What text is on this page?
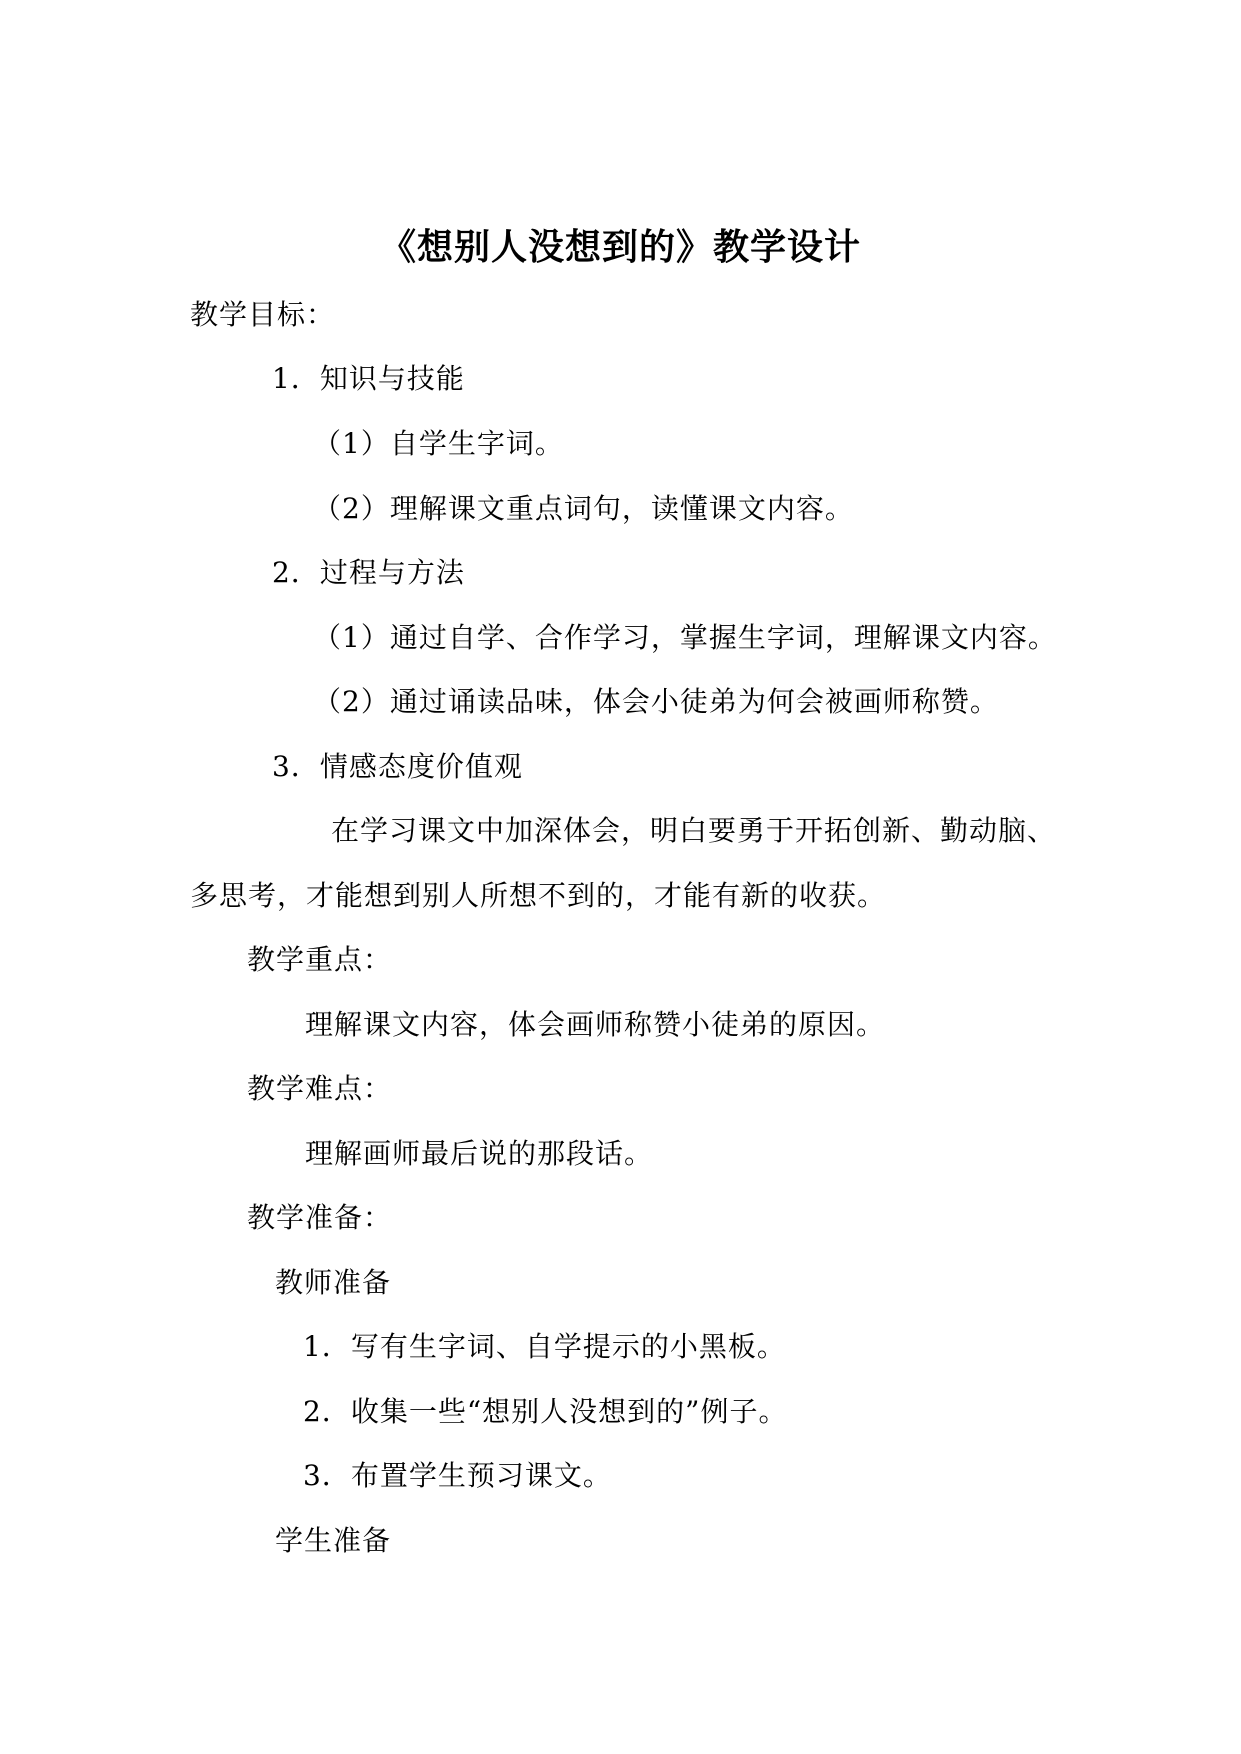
《想别人没想到的》教学设计
教学目标：
1．知识与技能
（1）自学生字词。
（2）理解课文重点词句，读懂课文内容。
2．过程与方法
（1）通过自学、合作学习，掌握生字词，理解课文内容。
（2）通过诵读品味，体会小徒弟为何会被画师称赞。
3．情感态度价值观
在学习课文中加深体会，明白要勇于开拓创新、勤动脑、
多思考，才能想到别人所想不到的，才能有新的收获。
教学重点：
理解课文内容，体会画师称赞小徒弟的原因。
教学难点：
理解画师最后说的那段话。
教学准备：
教师准备
1．写有生字词、自学提示的小黑板。
2．收集一些“想别人没想到的”例子。
3．布置学生预习课文。
学生准备
